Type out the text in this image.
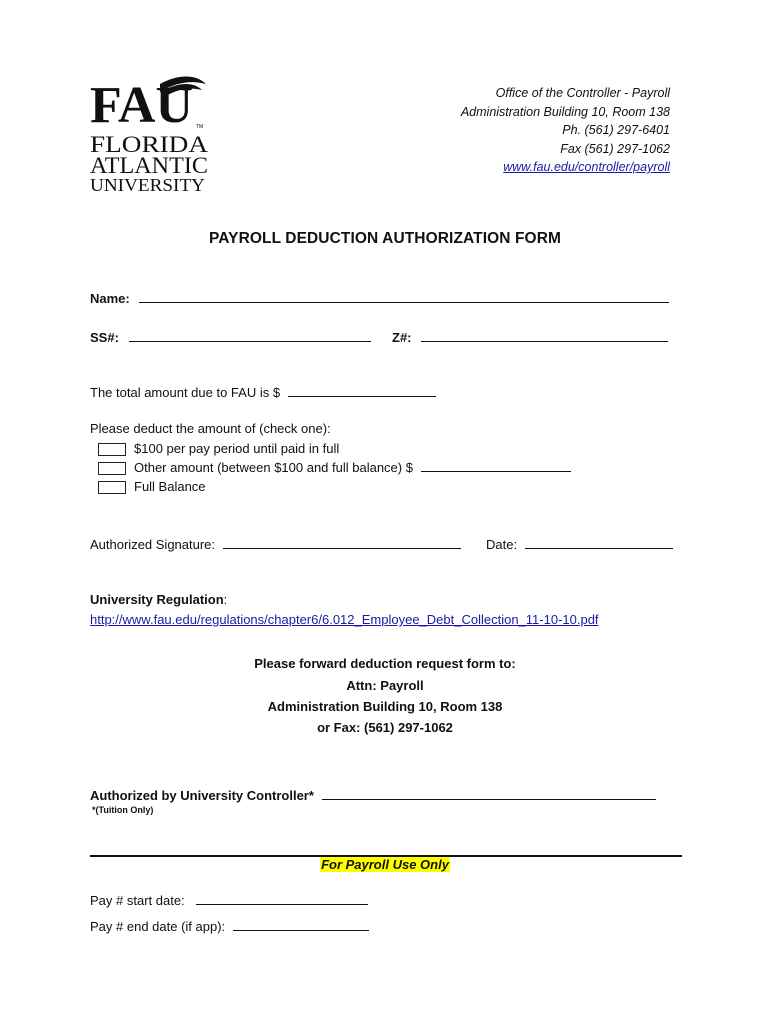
FAU TM
FLORIDA
ATLANTIC
UNIVERSITY
Office of the Controller - Payroll
Administration Building 10, Room 138
Ph. (561) 297-6401
Fax (561) 297-1062
www.fau.edu/controller/payroll
PAYROLL DEDUCTION AUTHORIZATION FORM
Name:
SS#:	Z#:
The total amount due to FAU is $
Please deduct the amount of (check one):
$100 per pay period until paid in full
Other amount (between $100 and full balance) $
Full Balance
Authorized Signature:	Date:
University Regulation:
http://www.fau.edu/regulations/chapter6/6.012_Employee_Debt_Collection_11-10-10.pdf
Please forward deduction request form to:
Attn: Payroll
Administration Building 10, Room 138
or Fax: (561) 297-1062
Authorized by University Controller*
*(Tuition Only)
For Payroll Use Only
Pay # start date:
Pay # end date (if app):
